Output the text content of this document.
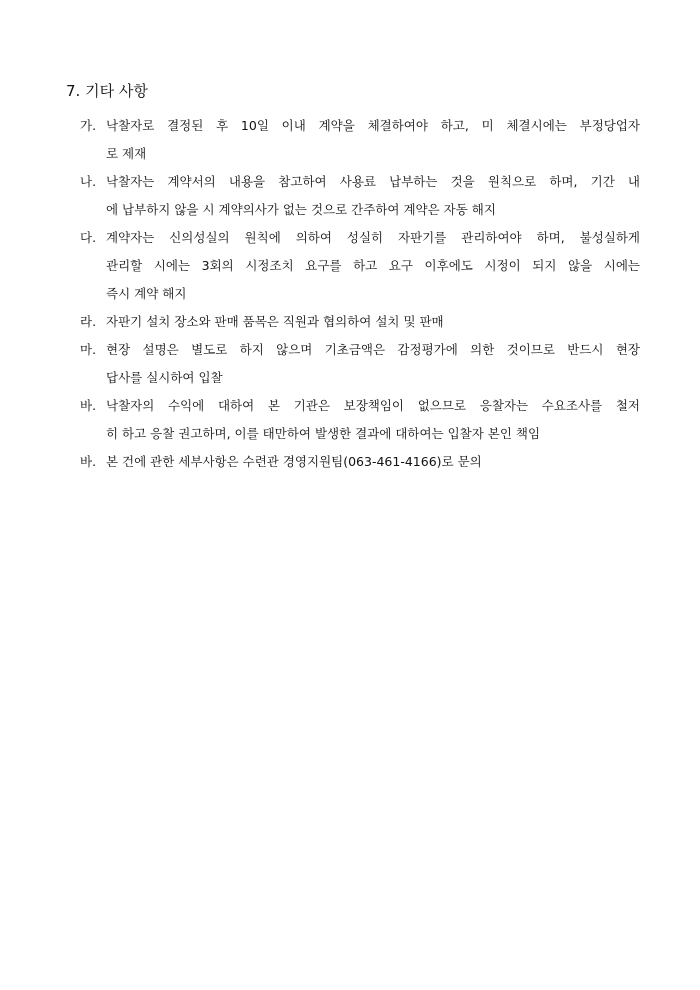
7. 기타 사항
가. 낙찰자로 결정된 후 10일 이내 계약을 체결하여야 하고, 미 체결시에는 부정당업자
로 제재
나. 낙찰자는 계약서의 내용을 참고하여 사용료 납부하는 것을 원칙으로 하며, 기간 내
에 납부하지 않을 시 계약의사가 없는 것으로 간주하여 계약은 자동 해지
다. 계약자는 신의성실의 원칙에 의하여 성실히 자판기를 관리하여야 하며, 불성실하게
관리할 시에는 3회의 시정조치 요구를 하고 요구 이후에도 시정이 되지 않을 시에는
즉시 계약 해지
라. 자판기 설치 장소와 판매 품목은 직원과 협의하여 설치 및 판매
마. 현장 설명은 별도로 하지 않으며 기초금액은 감정평가에 의한 것이므로 반드시 현장
답사를 실시하여 입찰
바. 낙찰자의 수익에 대하여 본 기관은 보장책임이 없으므로 응찰자는 수요조사를 철저
히 하고 응찰 권고하며, 이를 태만하여 발생한 결과에 대하여는 입찰자 본인 책임
바. 본 건에 관한 세부사항은 수련관 경영지원팀(063-461-4166)로 문의
